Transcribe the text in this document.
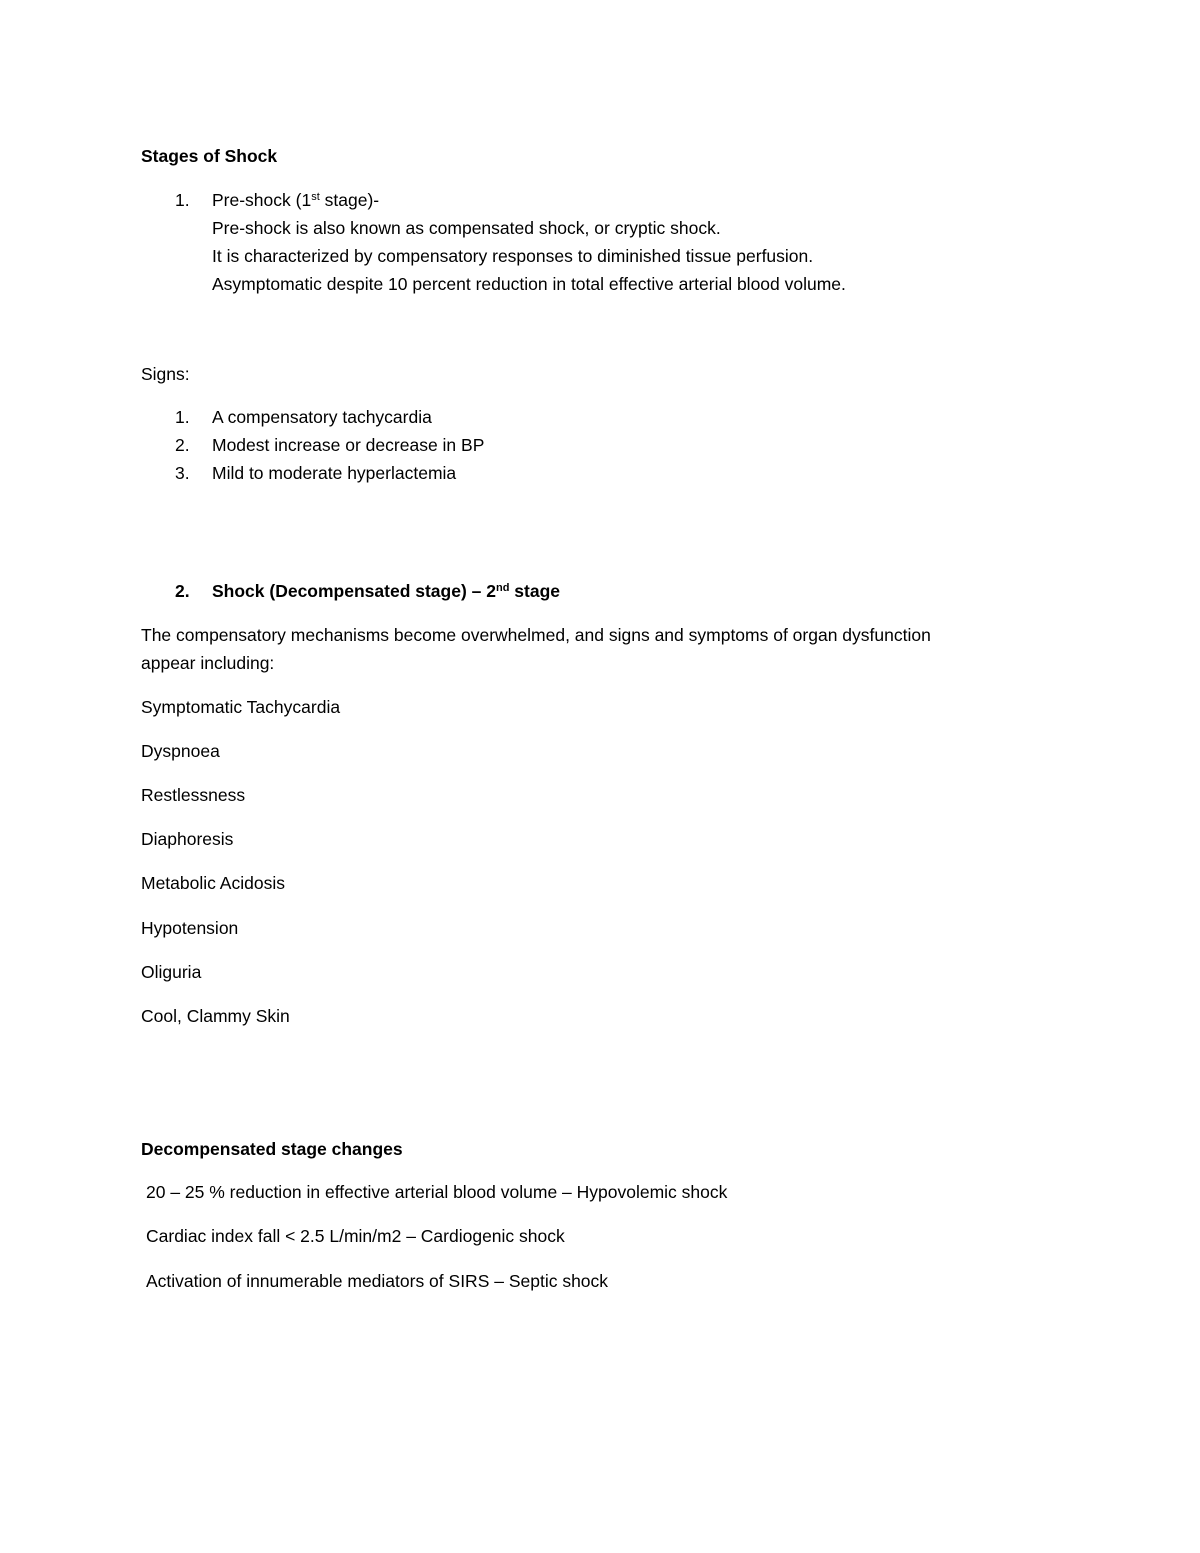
Stages of Shock
1. Pre-shock (1st stage)-
Pre-shock is also known as compensated shock, or cryptic shock.
It is characterized by compensatory responses to diminished tissue perfusion.
Asymptomatic despite 10 percent reduction in total effective arterial blood volume.
Signs:
1. A compensatory tachycardia
2. Modest increase or decrease in BP
3. Mild to moderate hyperlactemia
2. Shock (Decompensated stage) – 2nd stage
The compensatory mechanisms become overwhelmed, and signs and symptoms of organ dysfunction
appear including:
Symptomatic Tachycardia
Dyspnoea
Restlessness
Diaphoresis
Metabolic Acidosis
Hypotension
Oliguria
Cool, Clammy Skin
Decompensated stage changes
20 – 25 % reduction in effective arterial blood volume – Hypovolemic shock
Cardiac index fall < 2.5 L/min/m2 – Cardiogenic shock
Activation of innumerable mediators of SIRS – Septic shock
